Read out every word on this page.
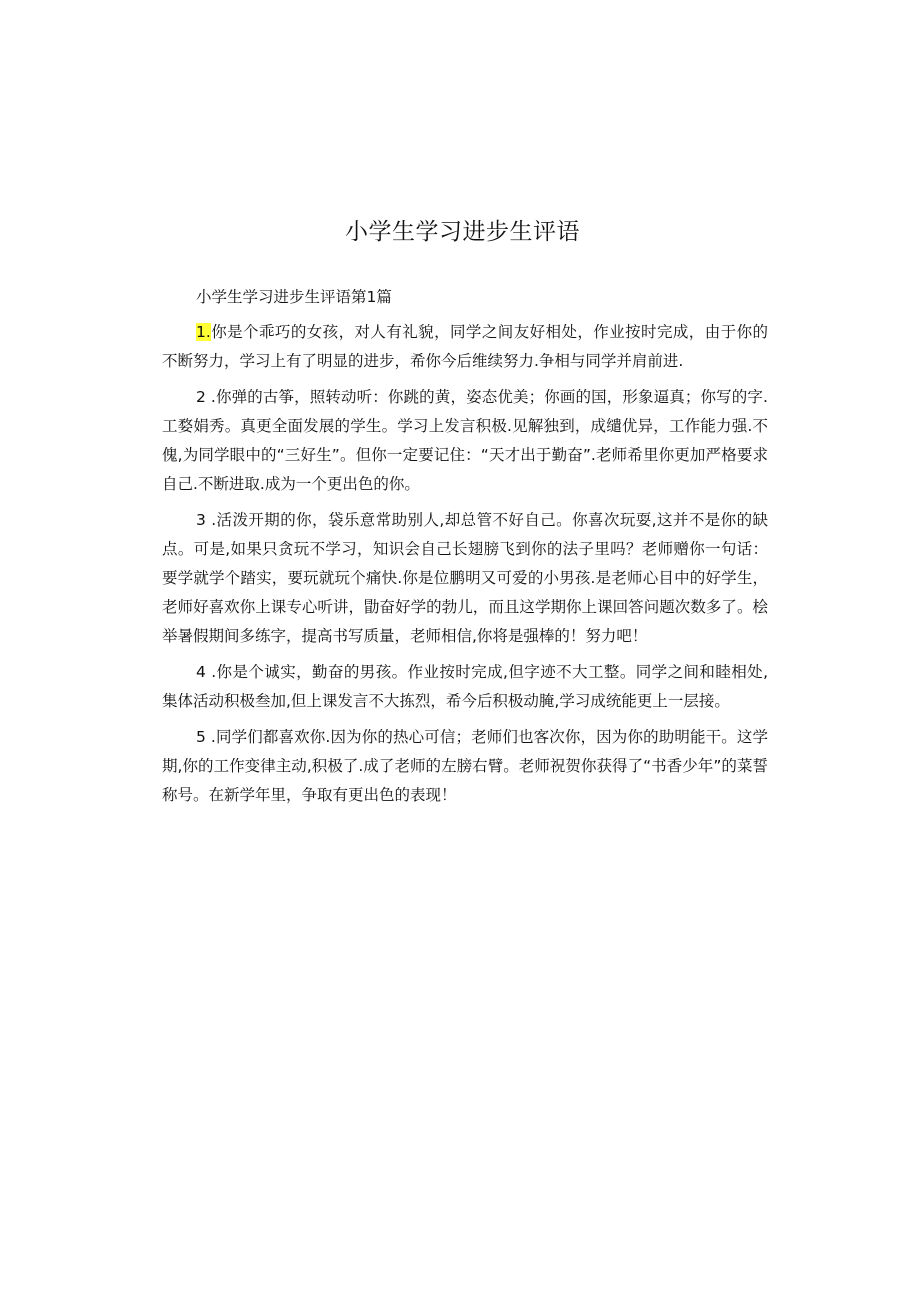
小学生学习进步生评语
小学生学习进步生评语第1篇

1.你是个乖巧的女孩，对人有礼貌，同学之间友好相处，作业按时完成，由于你的不断努力，学习上有了明显的进步，希你今后维续努力.争相与同学并肩前进.

2 .你弹的古筝，照转动听：你跳的黄，姿态优美；你画的国，形象逼真；你写的字.工婺娟秀。真更全面发展的学生。学习上发言积极.见解独到，成缱优异，工作能力强.不傀,为同学眼中的“三好生”。但你一定要记住：“天才出于勤奋”.老师希里你更加严格要求自己.不断进取.成为一个更出色的你。

3 .活泼开期的你，袋乐意常助别人,却总管不好自己。你喜次玩耍,这并不是你的缺点。可是,如果只贪玩不学习，知识会自己长翅膀飞到你的法子里吗？老师赠你一句话：要学就学个踏实，要玩就玩个痛快.你是位鹏明又可爱的小男孩.是老师心目中的好学生，老师好喜欢你上课专心听讲，勖奋好学的勃儿，而且这学期你上课回答问题次数多了。桧举暑假期间多练字，提高书写质量，老师相信,你将是强棒的！努力吧！

4 .你是个诚实，勤奋的男孩。作业按时完成,但字迹不大工整。同学之间和睦相处,集体活动积极叁加,但上课发言不大拣烈，希今后积极动腌,学习成统能更上一层接。

5 .同学们都喜欢你.因为你的热心可信；老师们也客次你，因为你的助明能干。这学期,你的工作变律主动,积极了.成了老师的左膀右臂。老师祝贺你获得了“书香少年”的菜誓称号。在新学年里，争取有更出色的表现！
